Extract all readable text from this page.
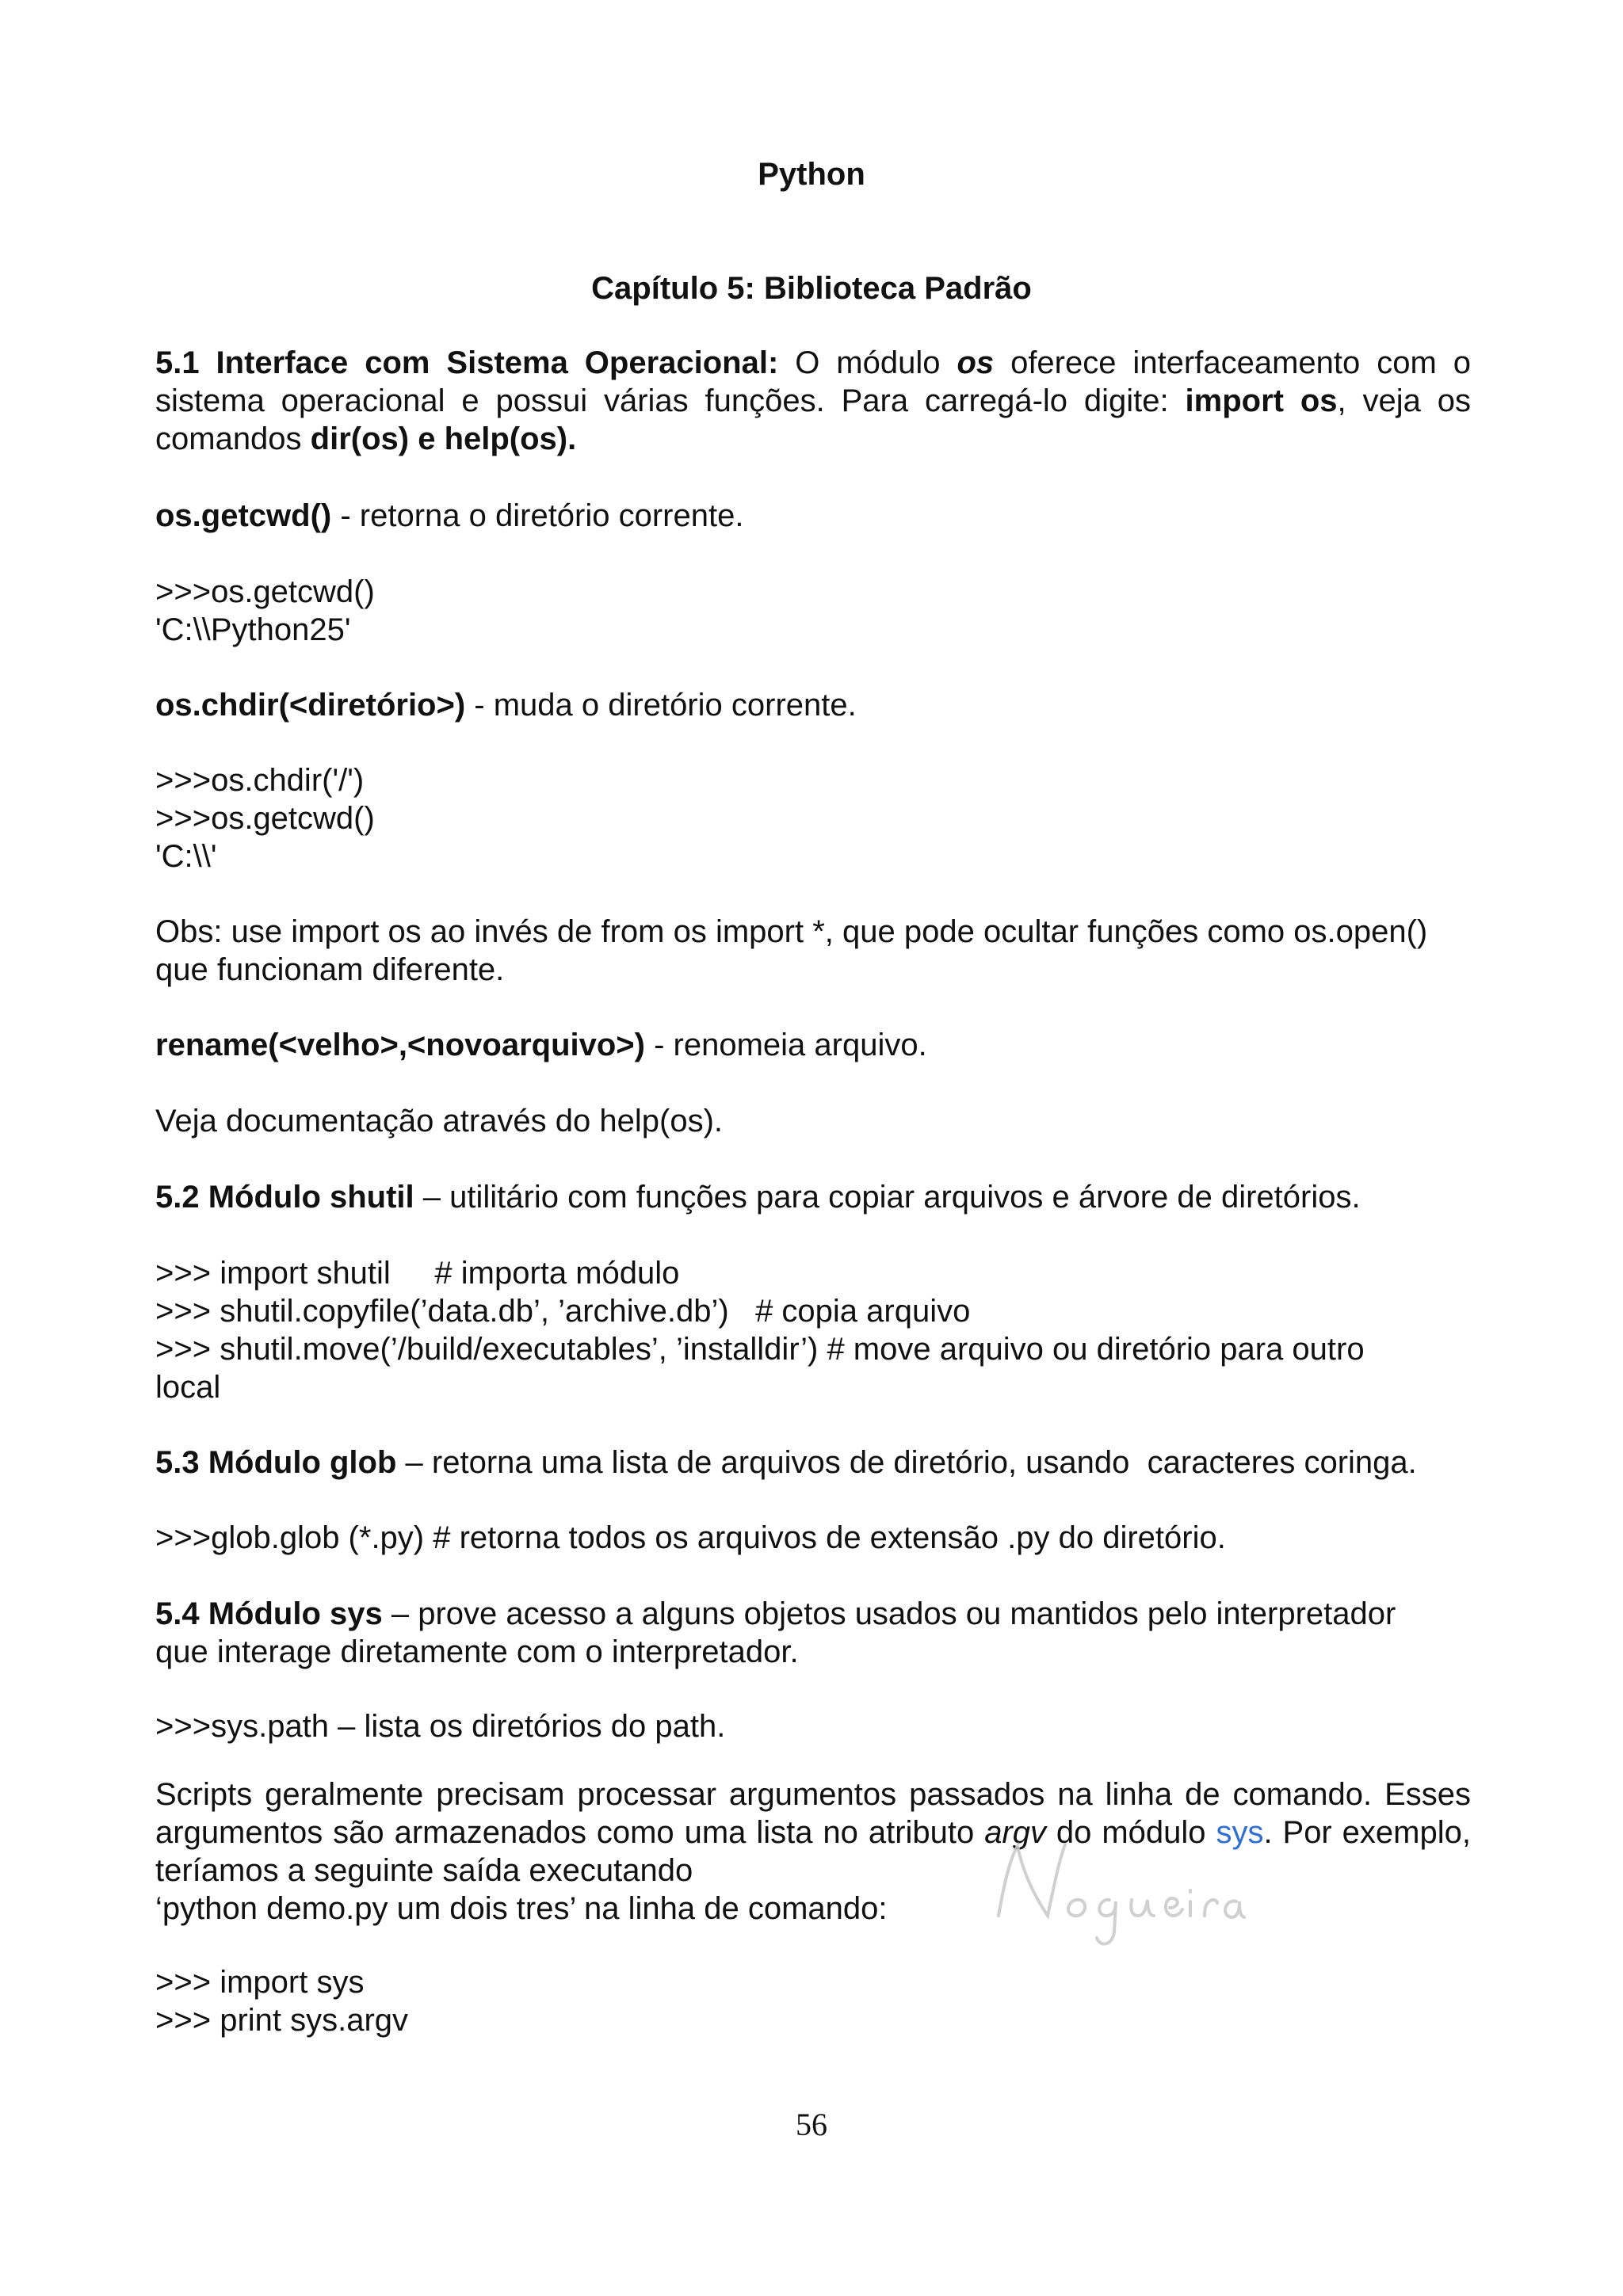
Python

Capítulo 5: Biblioteca Padrão

5.1 Interface com Sistema Operacional: O módulo os oferece interfaceamento com o sistema operacional e possui várias funções. Para carregá-lo digite: import os, veja os comandos dir(os) e help(os).

os.getcwd() - retorna o diretório corrente.

>>>os.getcwd()

'C:\\Python25'

os.chdir(<diretório>) - muda o diretório corrente.

>>>os.chdir('/')

>>>os.getcwd()

'C:\\'

Obs: use import os ao invés de from os import *, que pode ocultar funções como os.open() que funcionam diferente.

rename(<velho>,<novoarquivo>) - renomeia arquivo.

Veja documentação através do help(os).

5.2 Módulo shutil – utilitário com funções para copiar arquivos e árvore de diretórios.

>>> import shutil     # importa módulo

>>> shutil.copyfile(’data.db’, ’archive.db’)   # copia arquivo

>>> shutil.move(’/build/executables’, ’installdir’) # move arquivo ou diretório para outro

local

5.3 Módulo glob – retorna uma lista de arquivos de diretório, usando  caracteres coringa.

>>>glob.glob (*.py) # retorna todos os arquivos de extensão .py do diretório.

5.4 Módulo sys – prove acesso a alguns objetos usados ou mantidos pelo interpretador

que interage diretamente com o interpretador.

>>>sys.path – lista os diretórios do path.

Scripts geralmente precisam processar argumentos passados na linha de comando. Esses argumentos são armazenados como uma lista no atributo argv do módulo sys. Por exemplo, teríamos a seguinte saída executando

‘python demo.py um dois tres’ na linha de comando:

>>> import sys

>>> print sys.argv

56
